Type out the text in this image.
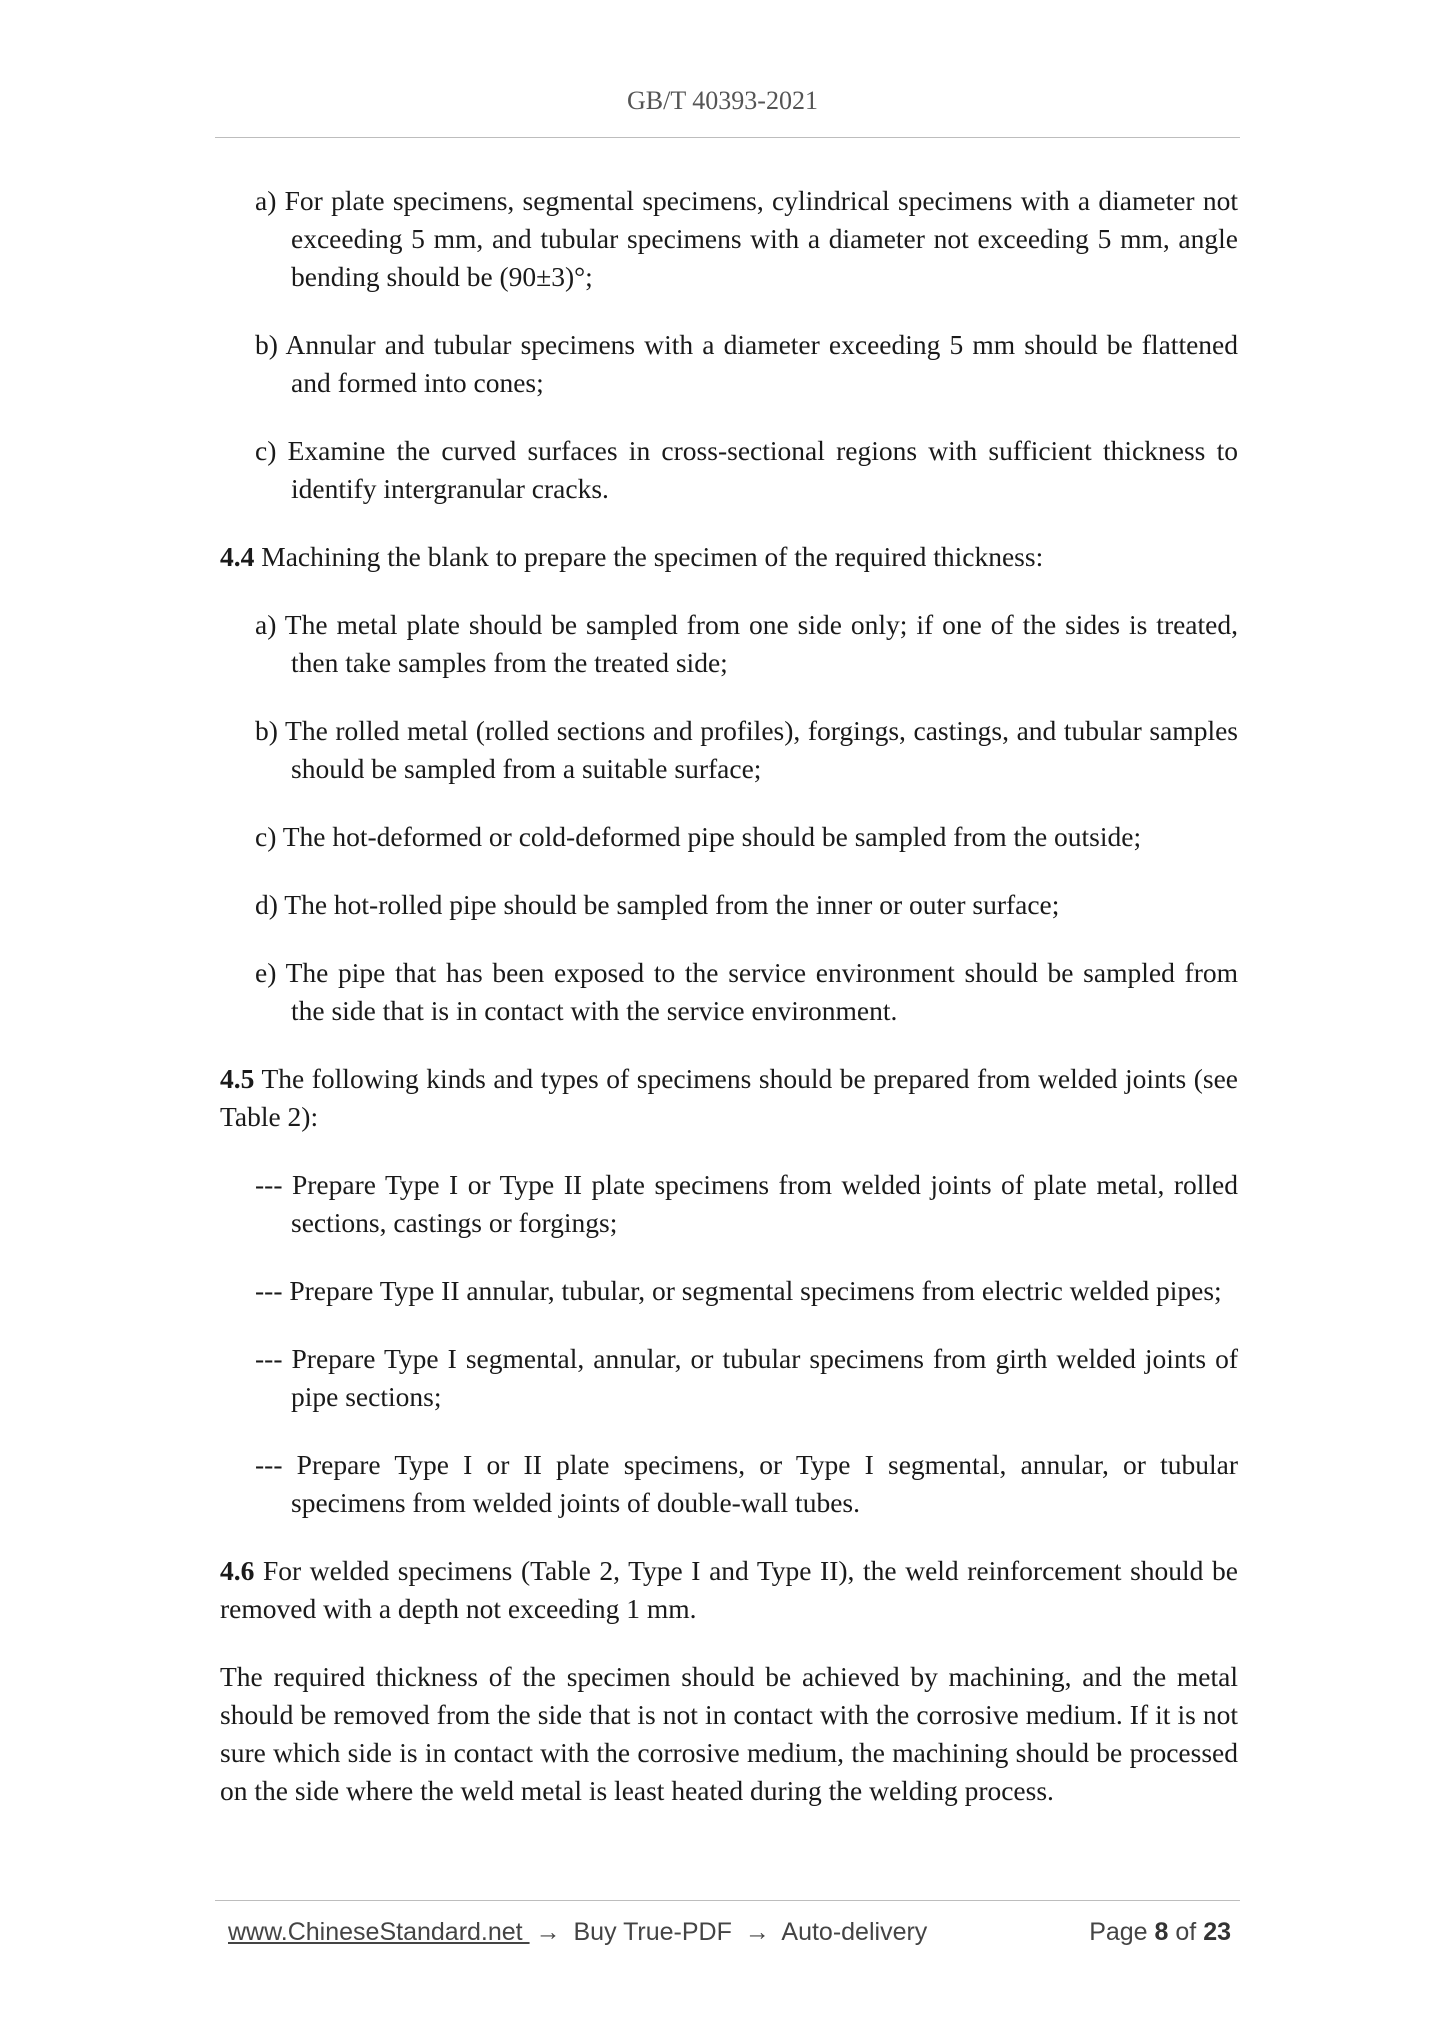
GB/T 40393-2021
a) For plate specimens, segmental specimens, cylindrical specimens with a diameter not exceeding 5 mm, and tubular specimens with a diameter not exceeding 5 mm, angle bending should be (90±3)°;
b) Annular and tubular specimens with a diameter exceeding 5 mm should be flattened and formed into cones;
c) Examine the curved surfaces in cross-sectional regions with sufficient thickness to identify intergranular cracks.
4.4 Machining the blank to prepare the specimen of the required thickness:
a) The metal plate should be sampled from one side only; if one of the sides is treated, then take samples from the treated side;
b) The rolled metal (rolled sections and profiles), forgings, castings, and tubular samples should be sampled from a suitable surface;
c) The hot-deformed or cold-deformed pipe should be sampled from the outside;
d) The hot-rolled pipe should be sampled from the inner or outer surface;
e) The pipe that has been exposed to the service environment should be sampled from the side that is in contact with the service environment.
4.5 The following kinds and types of specimens should be prepared from welded joints (see Table 2):
--- Prepare Type I or Type II plate specimens from welded joints of plate metal, rolled sections, castings or forgings;
--- Prepare Type II annular, tubular, or segmental specimens from electric welded pipes;
--- Prepare Type I segmental, annular, or tubular specimens from girth welded joints of pipe sections;
--- Prepare Type I or II plate specimens, or Type I segmental, annular, or tubular specimens from welded joints of double-wall tubes.
4.6 For welded specimens (Table 2, Type I and Type II), the weld reinforcement should be removed with a depth not exceeding 1 mm.
The required thickness of the specimen should be achieved by machining, and the metal should be removed from the side that is not in contact with the corrosive medium. If it is not sure which side is in contact with the corrosive medium, the machining should be processed on the side where the weld metal is least heated during the welding process.
www.ChineseStandard.net → Buy True-PDF → Auto-delivery	Page 8 of 23
